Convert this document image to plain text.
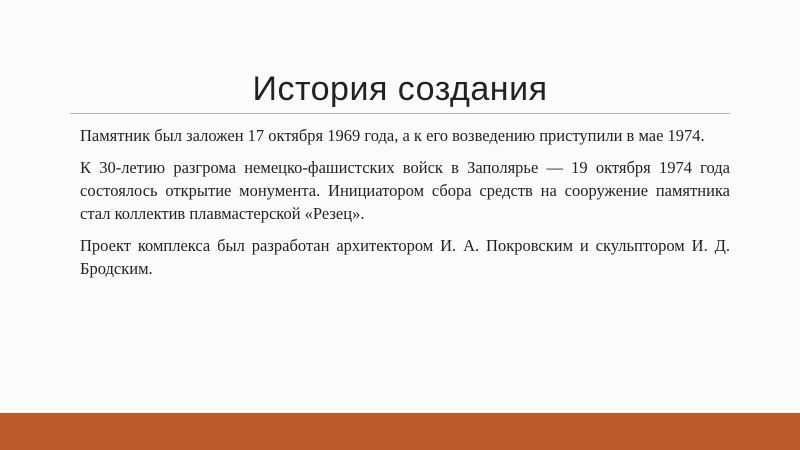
История создания

Памятник был заложен 17 октября 1969 года, а к его возведению приступили в мае 1974.

К 30-летию разгрома немецко-фашистских войск в Заполярье — 19 октября 1974 года состоялось открытие монумента. Инициатором сбора средств на сооружение памятника стал коллектив плавмастерской «Резец».

Проект комплекса был разработан архитектором И. А. Покровским и скульптором И. Д. Бродским.
